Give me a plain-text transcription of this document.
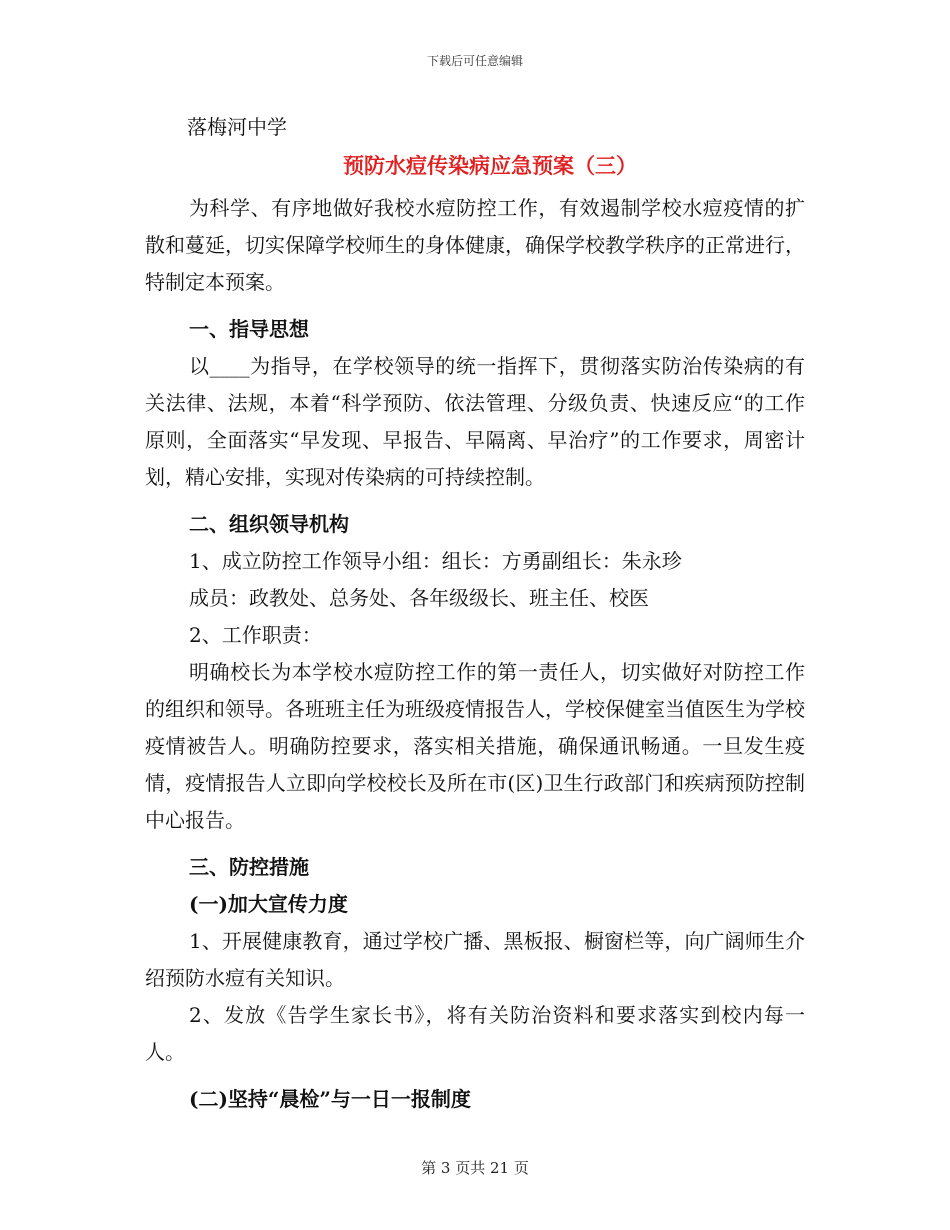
下载后可任意编辑
落梅河中学
预防水痘传染病应急预案（三）

为科学、有序地做好我校水痘防控工作，有效遏制学校水痘疫情的扩散和蔓延，切实保障学校师生的身体健康，确保学校教学秩序的正常进行，特制定本预案。

一、指导思想

以____为指导，在学校领导的统一指挥下，贯彻落实防治传染病的有关法律、法规，本着“科学预防、依法管理、分级负责、快速反应“的工作原则，全面落实“早发现、早报告、早隔离、早治疗”的工作要求，周密计划，精心安排，实现对传染病的可持续控制。

二、组织领导机构

1、成立防控工作领导小组：组长：方勇副组长：朱永珍

成员：政教处、总务处、各年级级长、班主任、校医

2、工作职责：

明确校长为本学校水痘防控工作的第一责任人，切实做好对防控工作的组织和领导。各班班主任为班级疫情报告人，学校保健室当值医生为学校疫情被告人。明确防控要求，落实相关措施，确保通讯畅通。一旦发生疫情，疫情报告人立即向学校校长及所在市(区)卫生行政部门和疾病预防控制中心报告。

三、防控措施

(一)加大宣传力度

1、开展健康教育，通过学校广播、黑板报、橱窗栏等，向广阔师生介绍预防水痘有关知识。

2、发放《告学生家长书》，将有关防治资料和要求落实到校内每一人。

(二)坚持“晨检”与一日一报制度

第 3 页共 21 页
